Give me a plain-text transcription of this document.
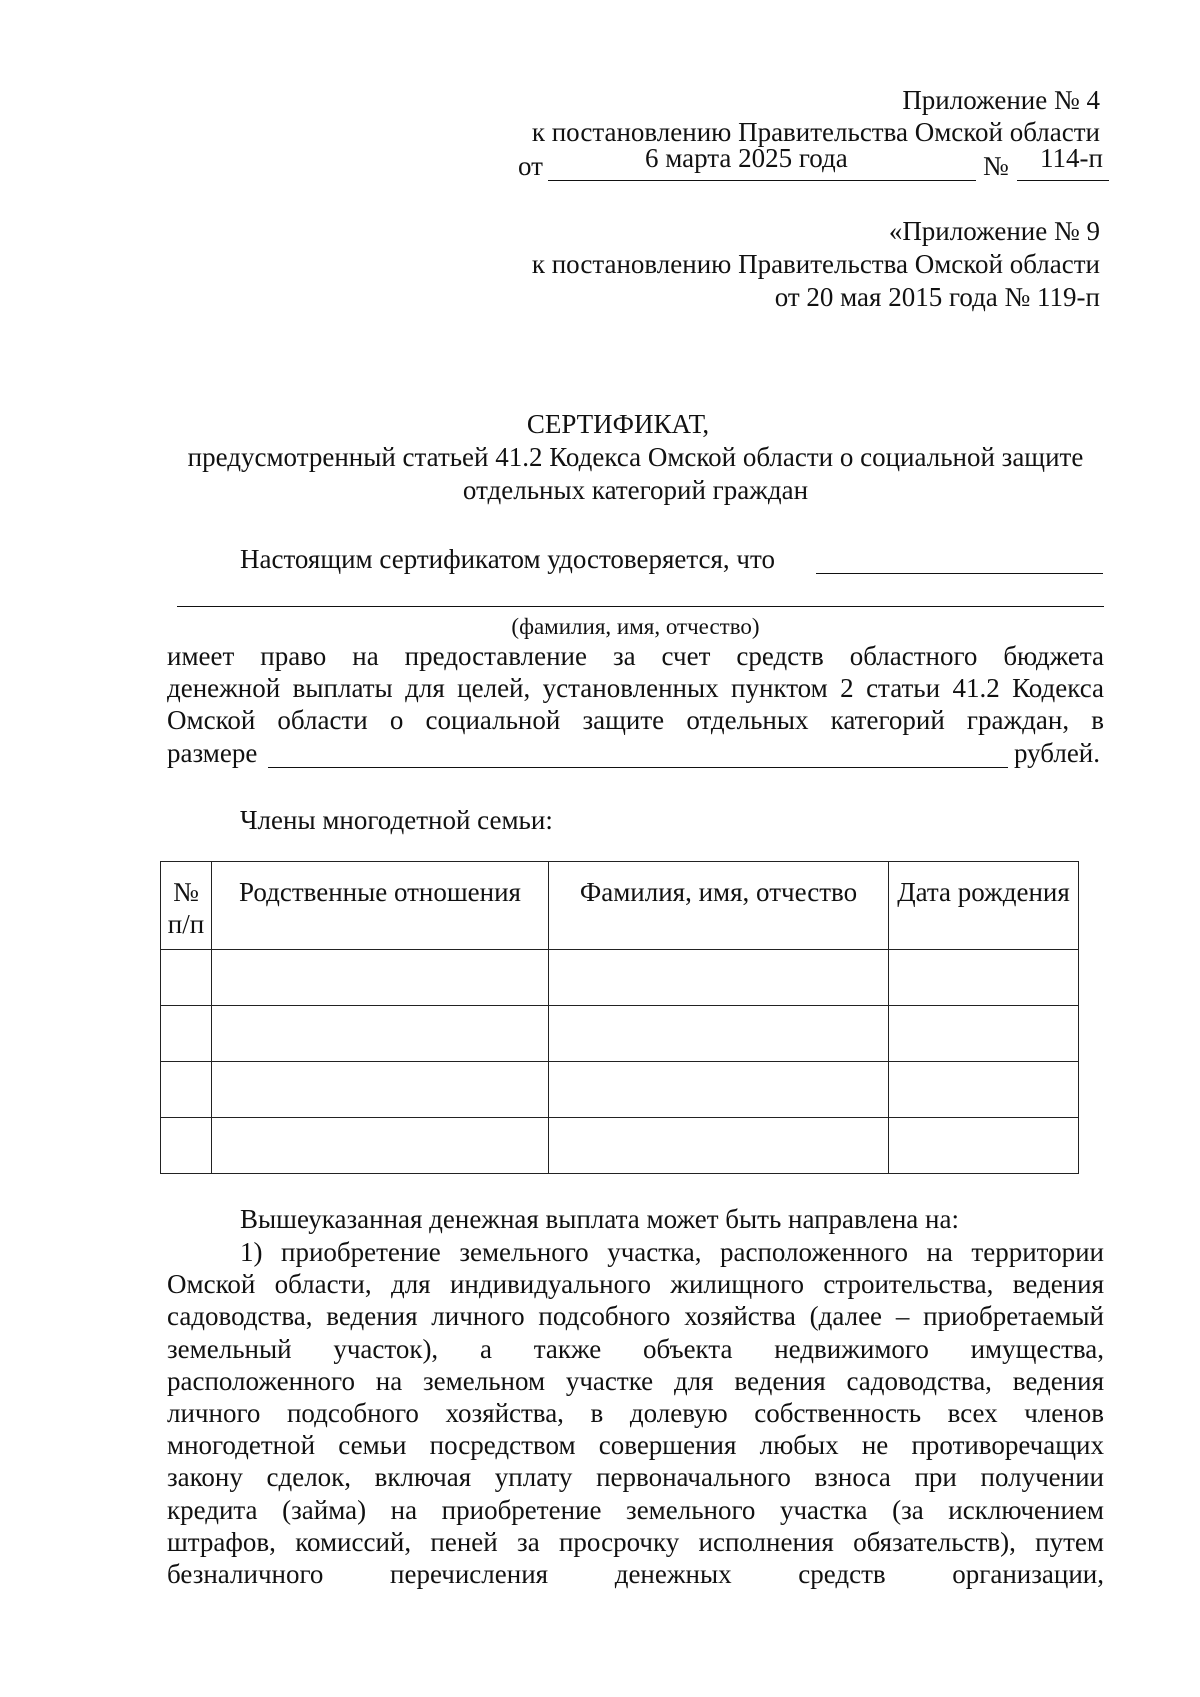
Приложение № 4
к постановлению Правительства Омской области
от	6 марта 2025 года	№ 114-п
«Приложение № 9
к постановлению Правительства Омской области
от 20 мая 2015 года № 119-п
СЕРТИФИКАТ,
предусмотренный статьей 41.2 Кодекса Омской области о социальной защите
отдельных категорий граждан
Настоящим сертификатом удостоверяется, что
(фамилия, имя, отчество)
имеет право на предоставление за счет средств областного бюджета
денежной выплаты для целей, установленных пунктом 2 статьи 41.2 Кодекса
Омской области о социальной защите отдельных категорий граждан, в
размере	рублей.
Члены многодетной семьи:
№ п/п	Родственные отношения	Фамилия, имя, отчество	Дата рождения

Вышеуказанная денежная выплата может быть направлена на:
1) приобретение земельного участка, расположенного на территории
Омской области, для индивидуального жилищного строительства, ведения
садоводства, ведения личного подсобного хозяйства (далее – приобретаемый
земельный участок), а также объекта недвижимого имущества,
расположенного на земельном участке для ведения садоводства, ведения
личного подсобного хозяйства, в долевую собственность всех членов
многодетной семьи посредством совершения любых не противоречащих
закону сделок, включая уплату первоначального взноса при получении
кредита (займа) на приобретение земельного участка (за исключением
штрафов, комиссий, пеней за просрочку исполнения обязательств), путем
безналичного перечисления денежных средств организации,
